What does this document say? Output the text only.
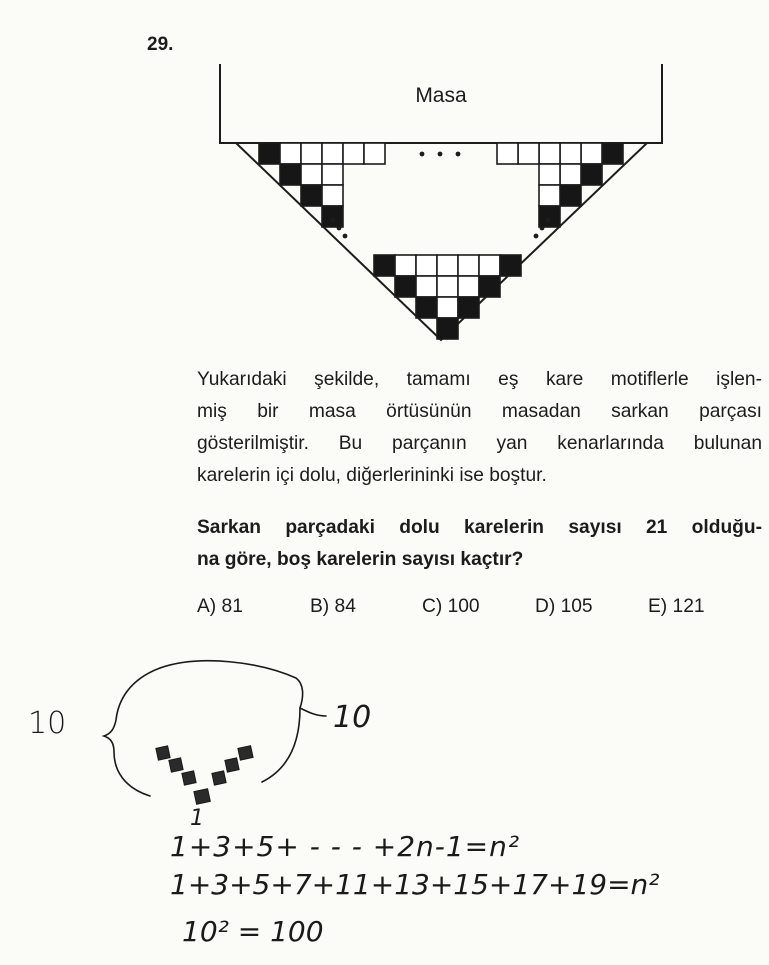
29.
Masa

Yukarıdaki şekilde, tamamı eş kare motiflerle işlen-
miş bir masa örtüsünün masadan sarkan parçası
gösterilmiştir. Bu parçanın yan kenarlarında bulunan
karelerin içi dolu, diğerlerininki ise boştur.

Sarkan parçadaki dolu karelerin sayısı 21 olduğu-
na göre, boş karelerin sayısı kaçtır?

A) 81	B) 84	C) 100	D) 105	E) 121
10	10
1
1+3+5+ - - - +2n-1=n²
1+3+5+7+11+13+15+17+19=n²
10² = 100
